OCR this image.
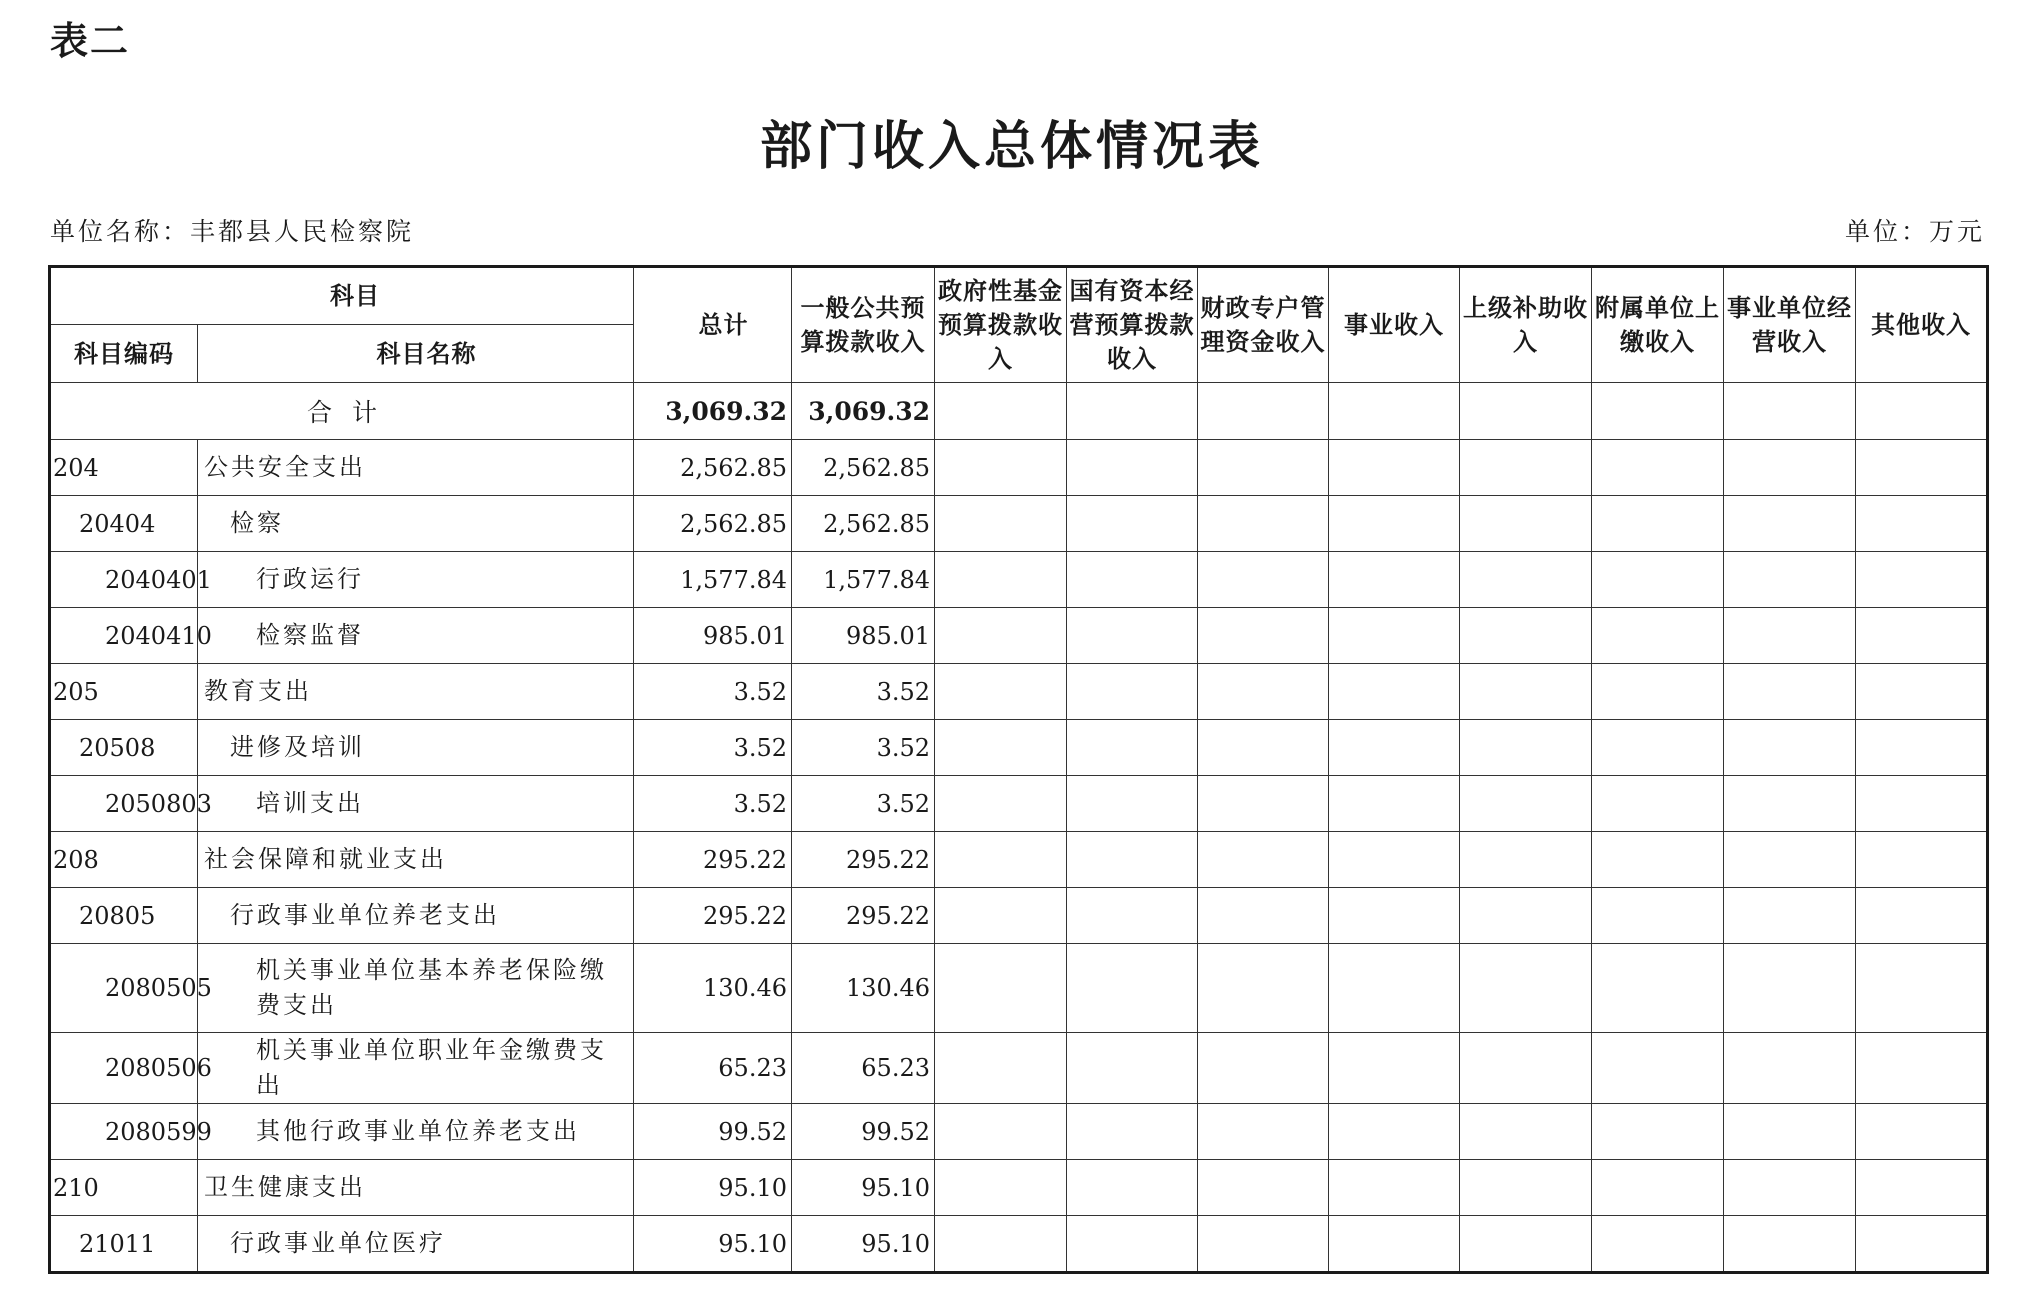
表二
部门收入总体情况表
单位名称：丰都县人民检察院	单位：万元
科目		总计	一般公共预算拨款收入	政府性基金预算拨款收入	国有资本经营预算拨款收入	财政专户管理资金收入	事业收入	上级补助收入	附属单位上缴收入	事业单位经营收入	其他收入
科目编码	科目名称										
合计		3,069.32	3,069.32								
204	公共安全支出	2,562.85	2,562.85								
20404	检察	2,562.85	2,562.85								
2040401	行政运行	1,577.84	1,577.84								
2040410	检察监督	985.01	985.01								
205	教育支出	3.52	3.52								
20508	进修及培训	3.52	3.52								
2050803	培训支出	3.52	3.52								
208	社会保障和就业支出	295.22	295.22								
20805	行政事业单位养老支出	295.22	295.22								
2080505	机关事业单位基本养老保险缴费支出	130.46	130.46								
2080506	机关事业单位职业年金缴费支出	65.23	65.23								
2080599	其他行政事业单位养老支出	99.52	99.52								
210	卫生健康支出	95.10	95.10								
21011	行政事业单位医疗	95.10	95.10								
